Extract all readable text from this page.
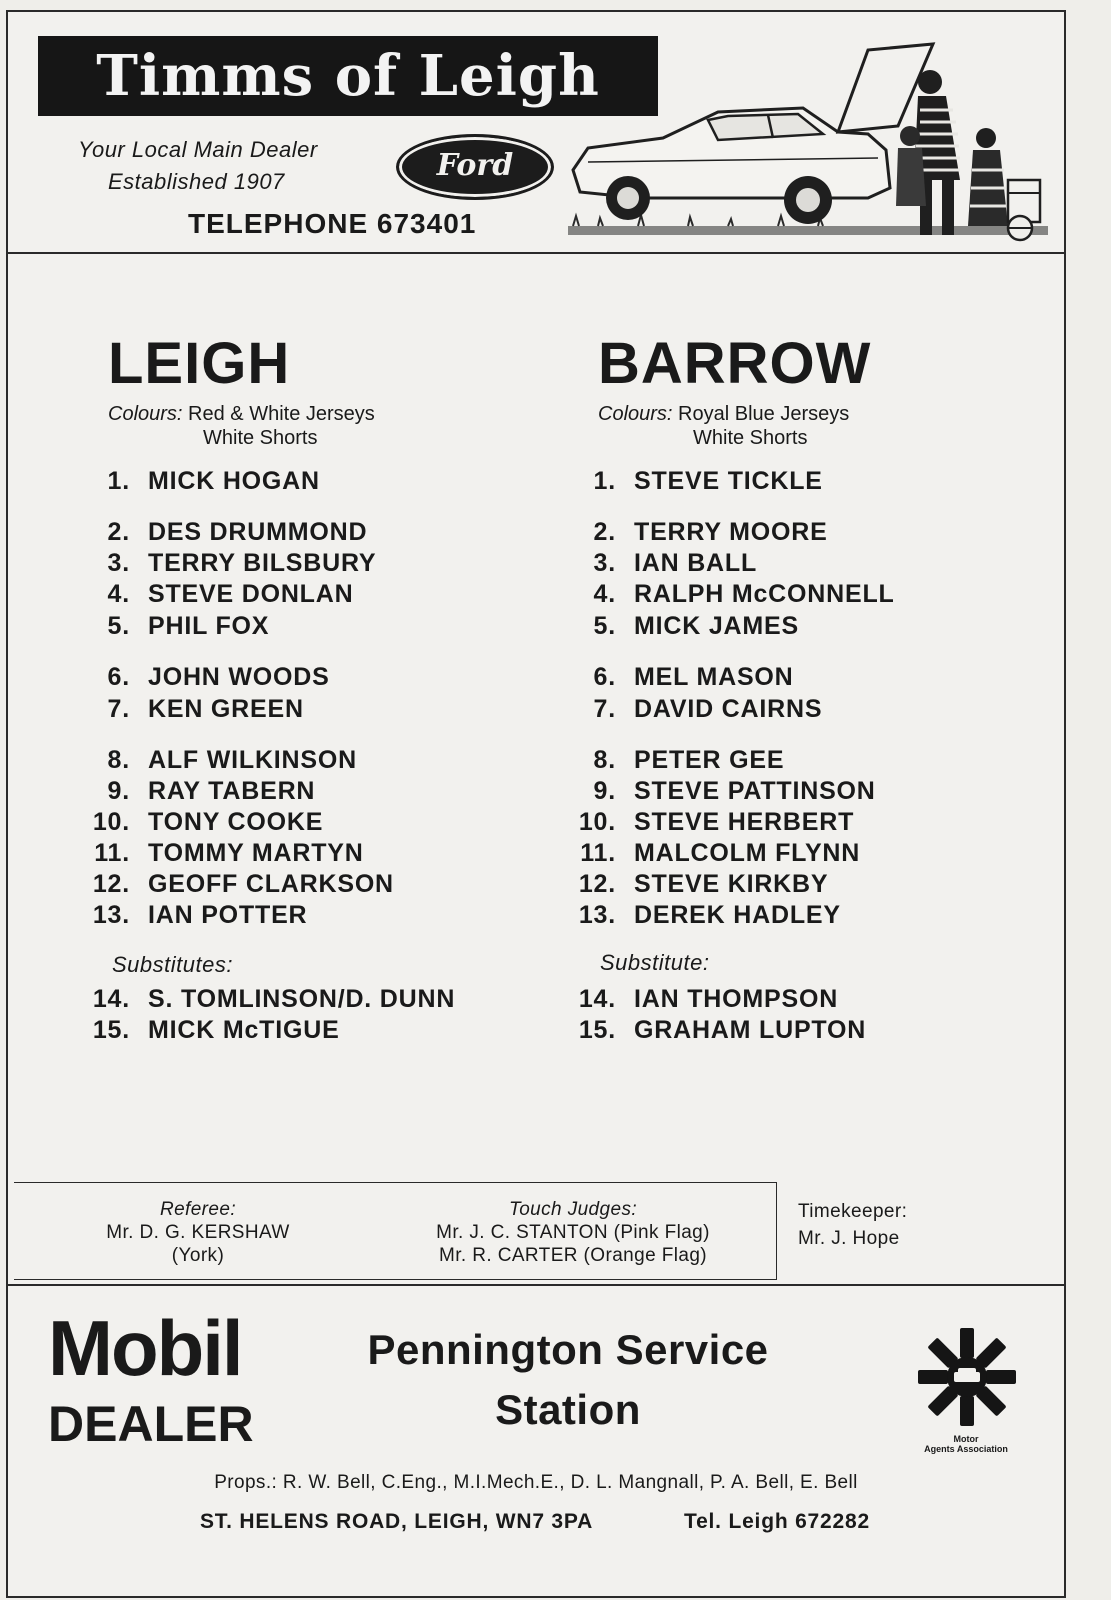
Timms of Leigh
Your Local Main Dealer
Established 1907	Ford
TELEPHONE 673401
LEIGH
Colours: Red & White Jerseys
White Shorts
BARROW
Colours: Royal Blue Jerseys
White Shorts
1. MICK HOGAN
2. DES DRUMMOND
3. TERRY BILSBURY
4. STEVE DONLAN
5. PHIL FOX
6. JOHN WOODS
7. KEN GREEN
8. ALF WILKINSON
9. RAY TABERN
10. TONY COOKE
11. TOMMY MARTYN
12. GEOFF CLARKSON
13. IAN POTTER
Substitutes:
14. S. TOMLINSON/D. DUNN
15. MICK McTIGUE
1. STEVE TICKLE
2. TERRY MOORE
3. IAN BALL
4. RALPH McCONNELL
5. MICK JAMES
6. MEL MASON
7. DAVID CAIRNS
8. PETER GEE
9. STEVE PATTINSON
10. STEVE HERBERT
11. MALCOLM FLYNN
12. STEVE KIRKBY
13. DEREK HADLEY
Substitute:
14. IAN THOMPSON
15. GRAHAM LUPTON
Referee:
Mr. D. G. KERSHAW
(York)
Touch Judges:
Mr. J. C. STANTON (Pink Flag)
Mr. R. CARTER (Orange Flag)
Timekeeper:
Mr. J. Hope
Mobil
DEALER
Pennington Service
Station
Motor
Agents Association
Props.: R. W. Bell, C.Eng., M.I.Mech.E., D. L. Mangnall, P. A. Bell, E. Bell
ST. HELENS ROAD, LEIGH, WN7 3PA	Tel. Leigh 672282
